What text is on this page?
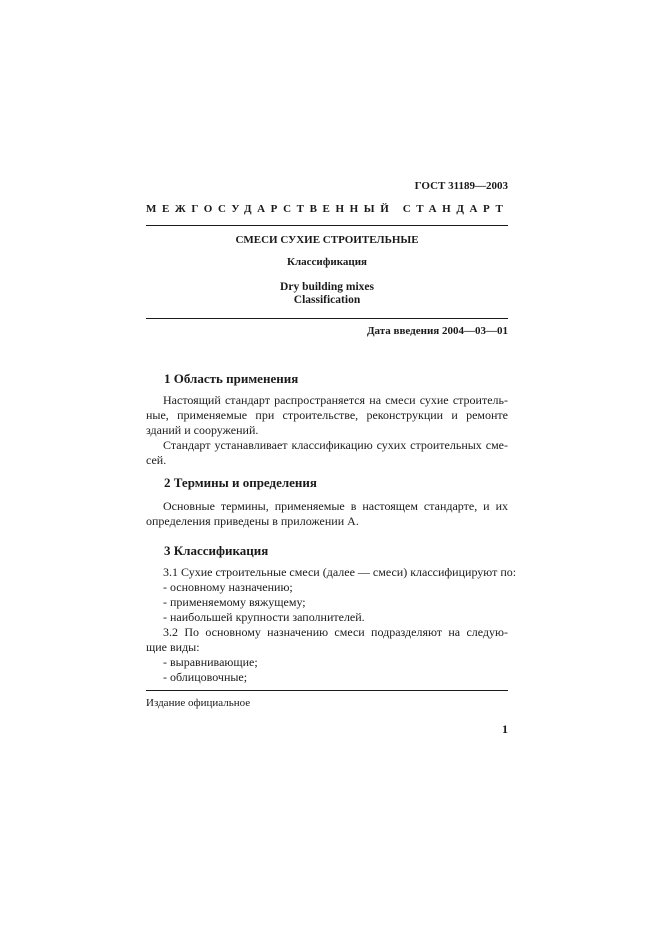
ГОСТ 31189—2003
МЕЖГОСУДАРСТВЕННЫЙ СТАНДАРТ
СМЕСИ СУХИЕ СТРОИТЕЛЬНЫЕ
Классификация
Dry building mixes
Classification
Дата введения 2004—03—01
1 Область применения
Настоящий стандарт распространяется на смеси сухие строитель-
ные, применяемые при строительстве, реконструкции и ремонте
зданий и сооружений.
Стандарт устанавливает классификацию сухих строительных сме-
сей.
2 Термины и определения
Основные термины, применяемые в настоящем стандарте, и их
определения приведены в приложении А.
3 Классификация
3.1 Сухие строительные смеси (далее — смеси) классифицируют по:
- основному назначению;
- применяемому вяжущему;
- наибольшей крупности заполнителей.
3.2 По основному назначению смеси подразделяют на следую-
щие виды:
- выравнивающие;
- облицовочные;
Издание официальное
1
